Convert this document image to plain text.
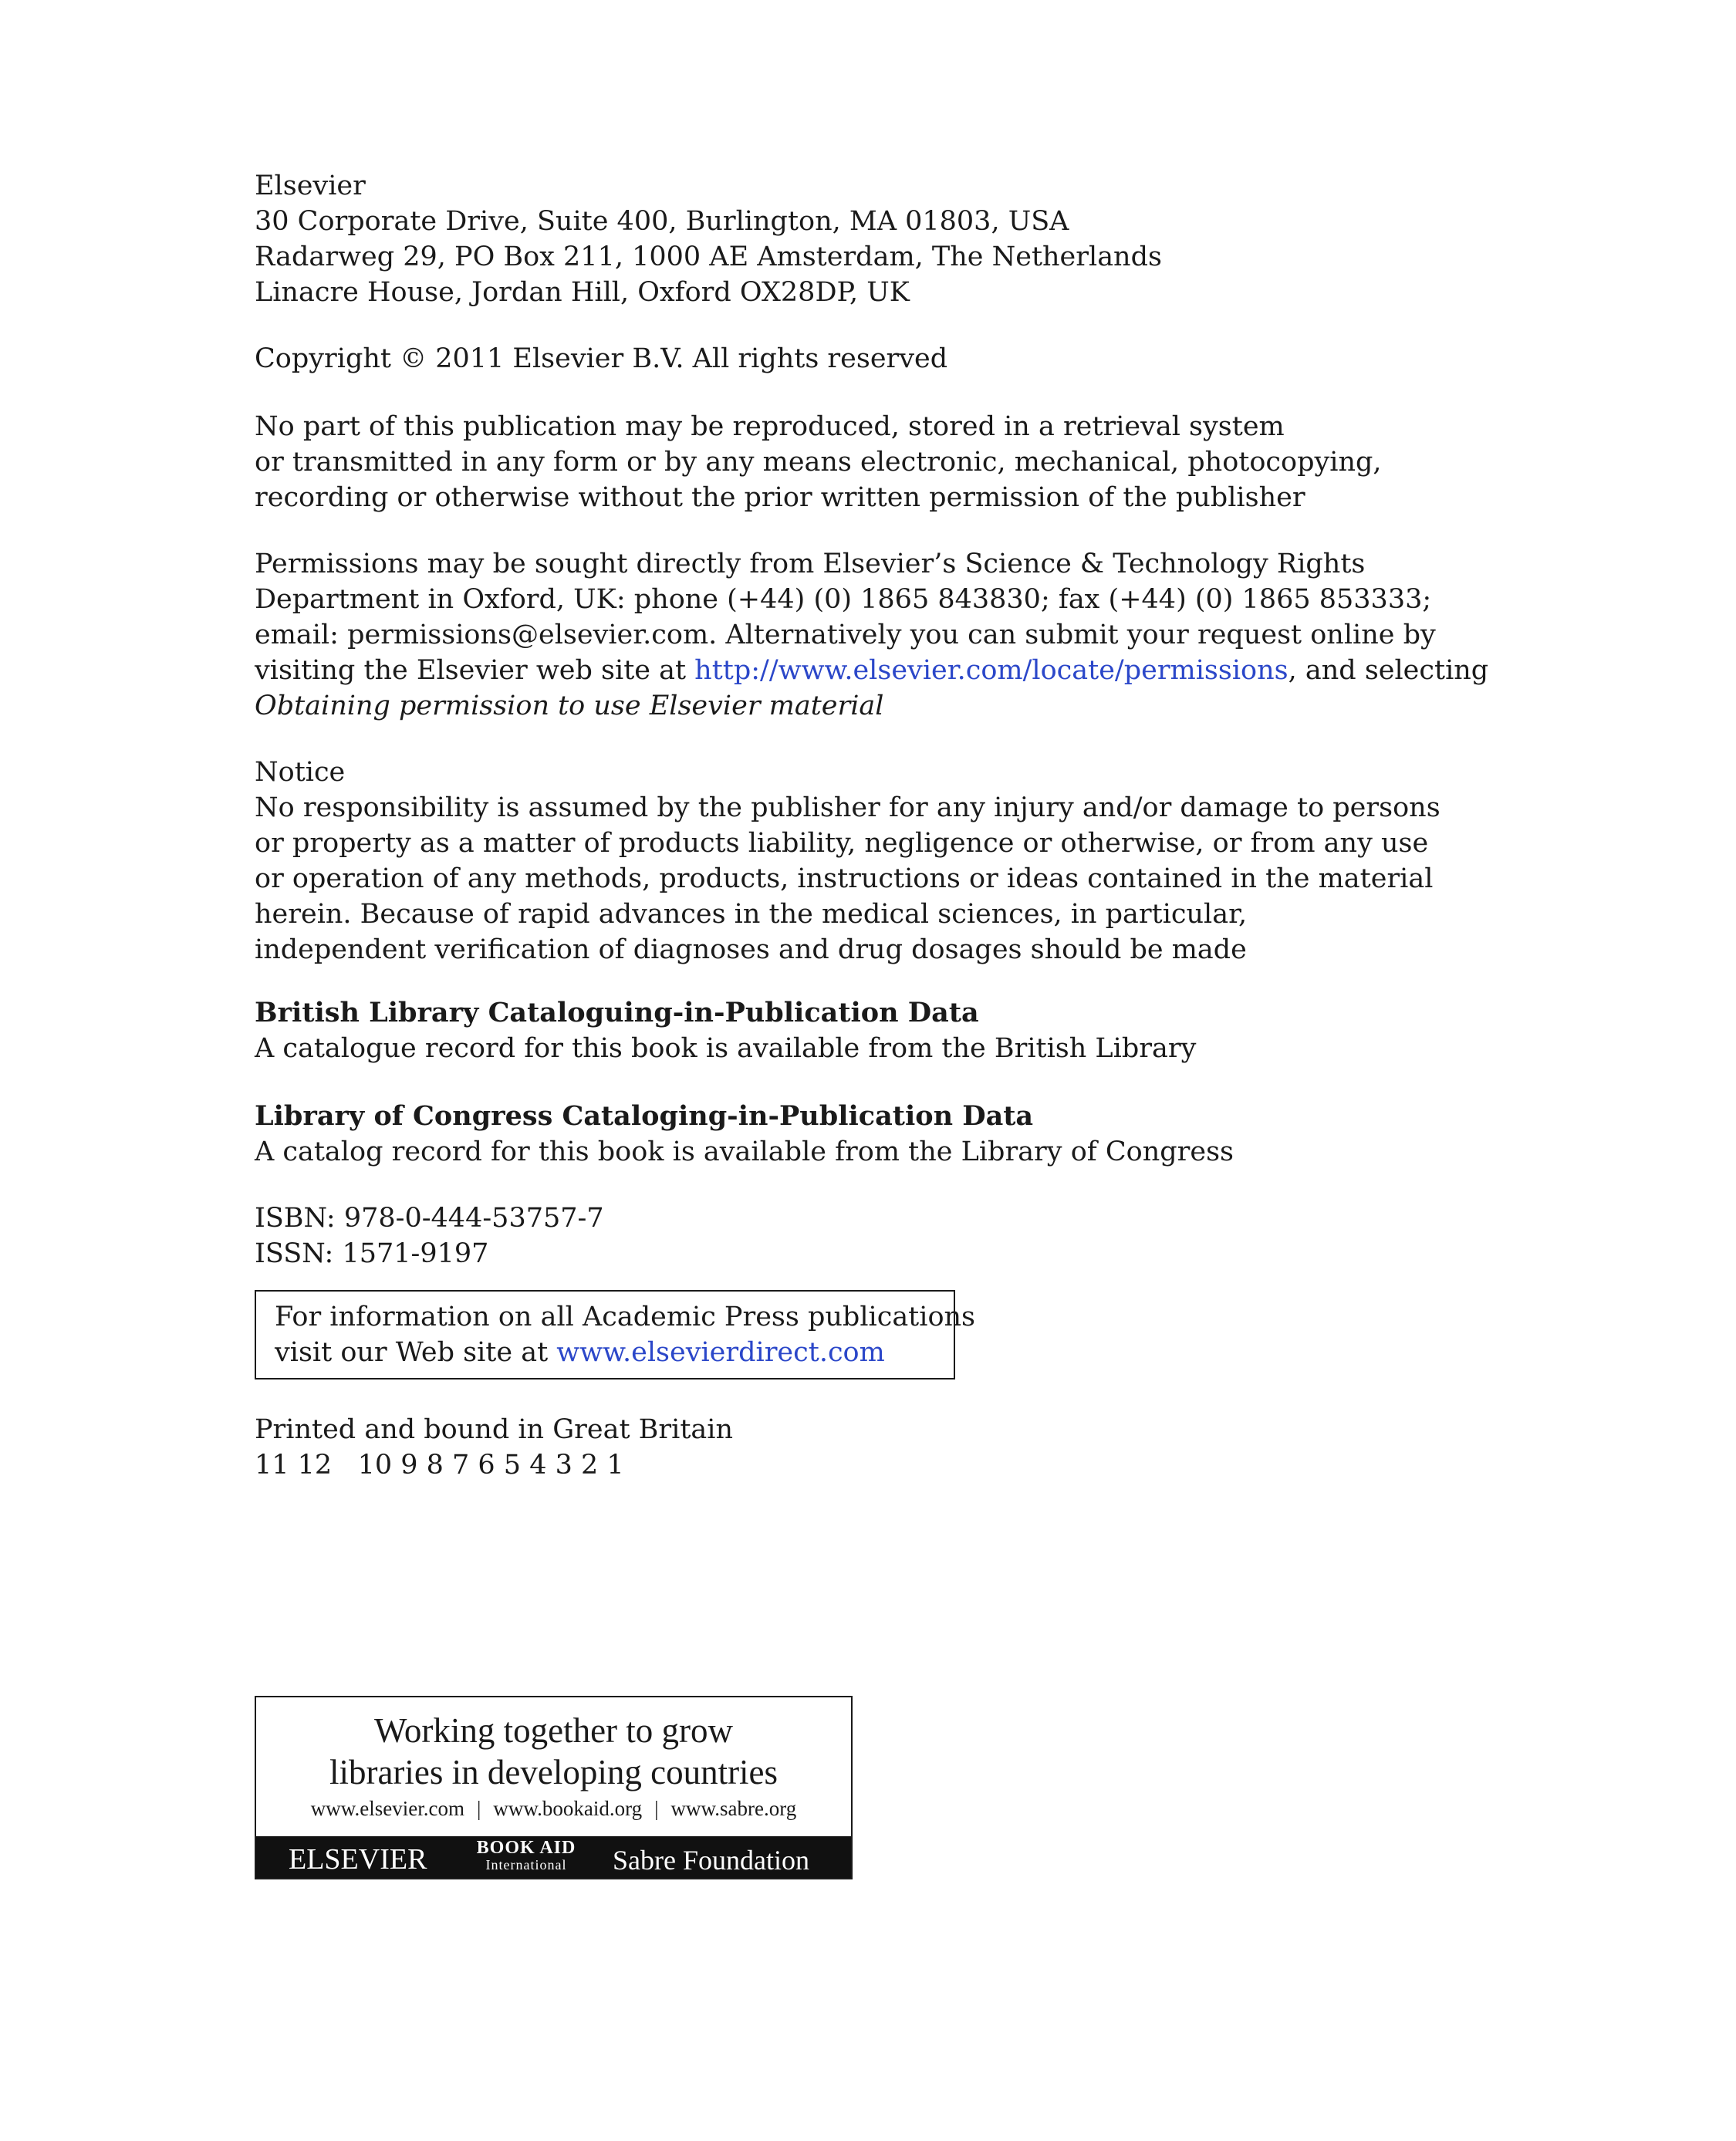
Elsevier
30 Corporate Drive, Suite 400, Burlington, MA 01803, USA
Radarweg 29, PO Box 211, 1000 AE Amsterdam, The Netherlands
Linacre House, Jordan Hill, Oxford OX28DP, UK
Copyright © 2011 Elsevier B.V. All rights reserved
No part of this publication may be reproduced, stored in a retrieval system
or transmitted in any form or by any means electronic, mechanical, photocopying,
recording or otherwise without the prior written permission of the publisher
Permissions may be sought directly from Elsevier’s Science & Technology Rights
Department in Oxford, UK: phone (+44) (0) 1865 843830; fax (+44) (0) 1865 853333;
email: permissions@elsevier.com. Alternatively you can submit your request online by
visiting the Elsevier web site at http://www.elsevier.com/locate/permissions, and selecting
Obtaining permission to use Elsevier material
Notice
No responsibility is assumed by the publisher for any injury and/or damage to persons
or property as a matter of products liability, negligence or otherwise, or from any use
or operation of any methods, products, instructions or ideas contained in the material
herein. Because of rapid advances in the medical sciences, in particular,
independent verification of diagnoses and drug dosages should be made
British Library Cataloguing-in-Publication Data
A catalogue record for this book is available from the British Library
Library of Congress Cataloging-in-Publication Data
A catalog record for this book is available from the Library of Congress
ISBN: 978-0-444-53757-7
ISSN: 1571-9197
Printed and bound in Great Britain
11 12   10 9 8 7 6 5 4 3 2 1
For information on all Academic Press publications
visit our Web site at www.elsevierdirect.com
Working together to grow
libraries in developing countries
www.elsevier.com | www.bookaid.org | www.sabre.org
ELSEVIER	BOOK AID
International	Sabre Foundation
